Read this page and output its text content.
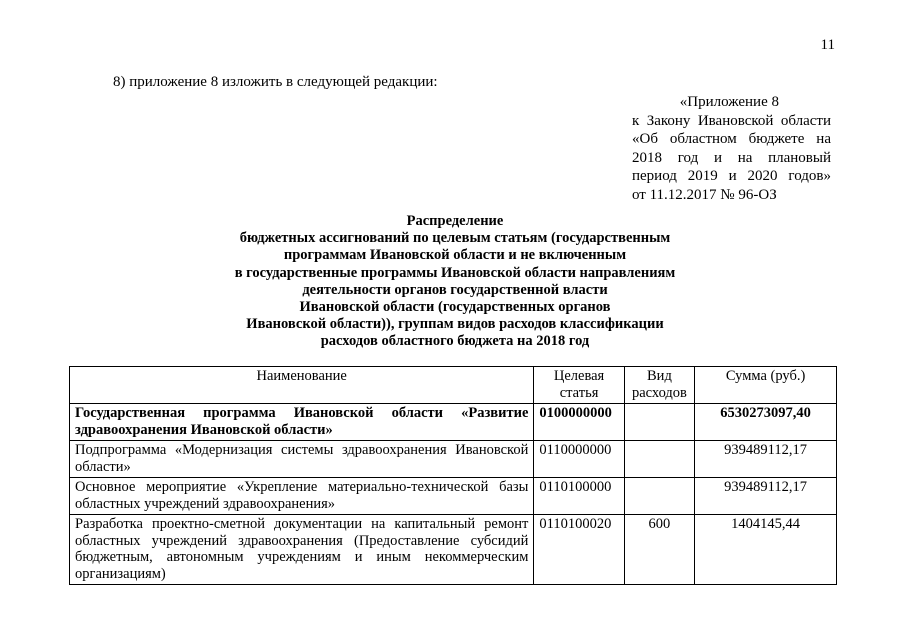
11
8) приложение 8 изложить в следующей редакции:
«Приложение 8
к Закону Ивановской области
«Об областном бюджете на
2018 год и на плановый
период 2019 и 2020 годов»
от 11.12.2017 № 96-ОЗ
Распределение
бюджетных ассигнований по целевым статьям (государственным
программам Ивановской области и не включенным
в государственные программы Ивановской области направлениям
деятельности органов государственной власти
Ивановской области (государственных органов
Ивановской области)), группам видов расходов классификации
расходов областного бюджета на 2018 год
Наименование	Целевая статья	Вид расходов	Сумма (руб.)
Государственная программа Ивановской области «Развитие здравоохранения Ивановской области»	0100000000		6530273097,40
Подпрограмма «Модернизация системы здравоохранения Ивановской области»	0110000000		939489112,17
Основное мероприятие «Укрепление материально-технической базы областных учреждений здравоохранения»	0110100000		939489112,17
Разработка проектно-сметной документации на капитальный ремонт областных учреждений здравоохранения (Предоставление субсидий бюджетным, автономным учреждениям и иным некоммерческим организациям)	0110100020	600	1404145,44
